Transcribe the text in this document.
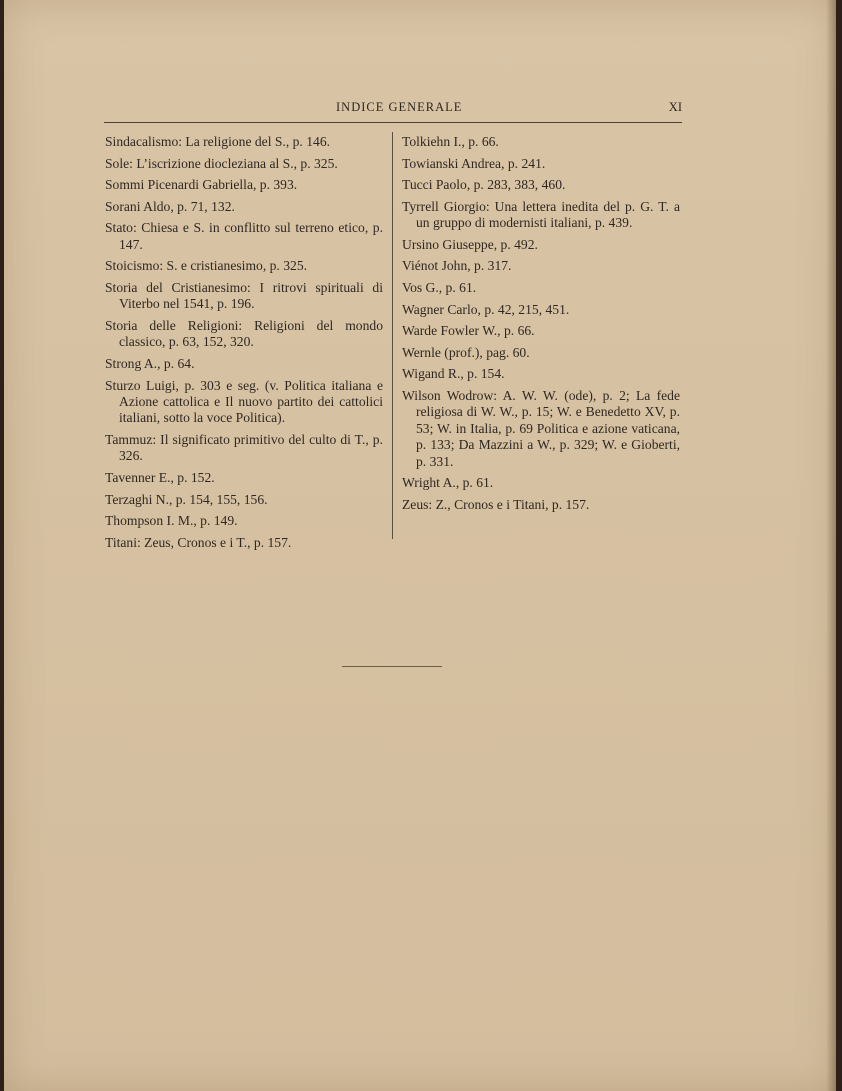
INDICE GENERALE	XI

Sindacalismo: La religione del S., p. 146.

Sole: L’iscrizione diocleziana al S., p. 325.

Sommi Picenardi Gabriella, p. 393.

Sorani Aldo, p. 71, 132.

Stato: Chiesa e S. in conflitto sul terreno etico, p. 147.

Stoicismo: S. e cristianesimo, p. 325.

Storia del Cristianesimo: I ritrovi spirituali di Viterbo nel 1541, p. 196.

Storia delle Religioni: Religioni del mondo classico, p. 63, 152, 320.

Strong A., p. 64.

Sturzo Luigi, p. 303 e seg. (v. Politica italiana e Azione cattolica e Il nuovo partito dei cattolici italiani, sotto la voce Politica).

Tammuz: Il significato primitivo del culto di T., p. 326.

Tavenner E., p. 152.

Terzaghi N., p. 154, 155, 156.

Thompson I. M., p. 149.

Titani: Zeus, Cronos e i T., p. 157.

Tolkiehn I., p. 66.

Towianski Andrea, p. 241.

Tucci Paolo, p. 283, 383, 460.

Tyrrell Giorgio: Una lettera inedita del p. G. T. a un gruppo di modernisti italiani, p. 439.

Ursino Giuseppe, p. 492.

Viénot John, p. 317.

Vos G., p. 61.

Wagner Carlo, p. 42, 215, 451.

Warde Fowler W., p. 66.

Wernle (prof.), pag. 60.

Wigand R., p. 154.

Wilson Wodrow: A. W. W. (ode), p. 2; La fede religiosa di W. W., p. 15; W. e Benedetto XV, p. 53; W. in Italia, p. 69 Politica e azione vaticana, p. 133; Da Mazzini a W., p. 329; W. e Gioberti, p. 331.

Wright A., p. 61.

Zeus: Z., Cronos e i Titani, p. 157.
